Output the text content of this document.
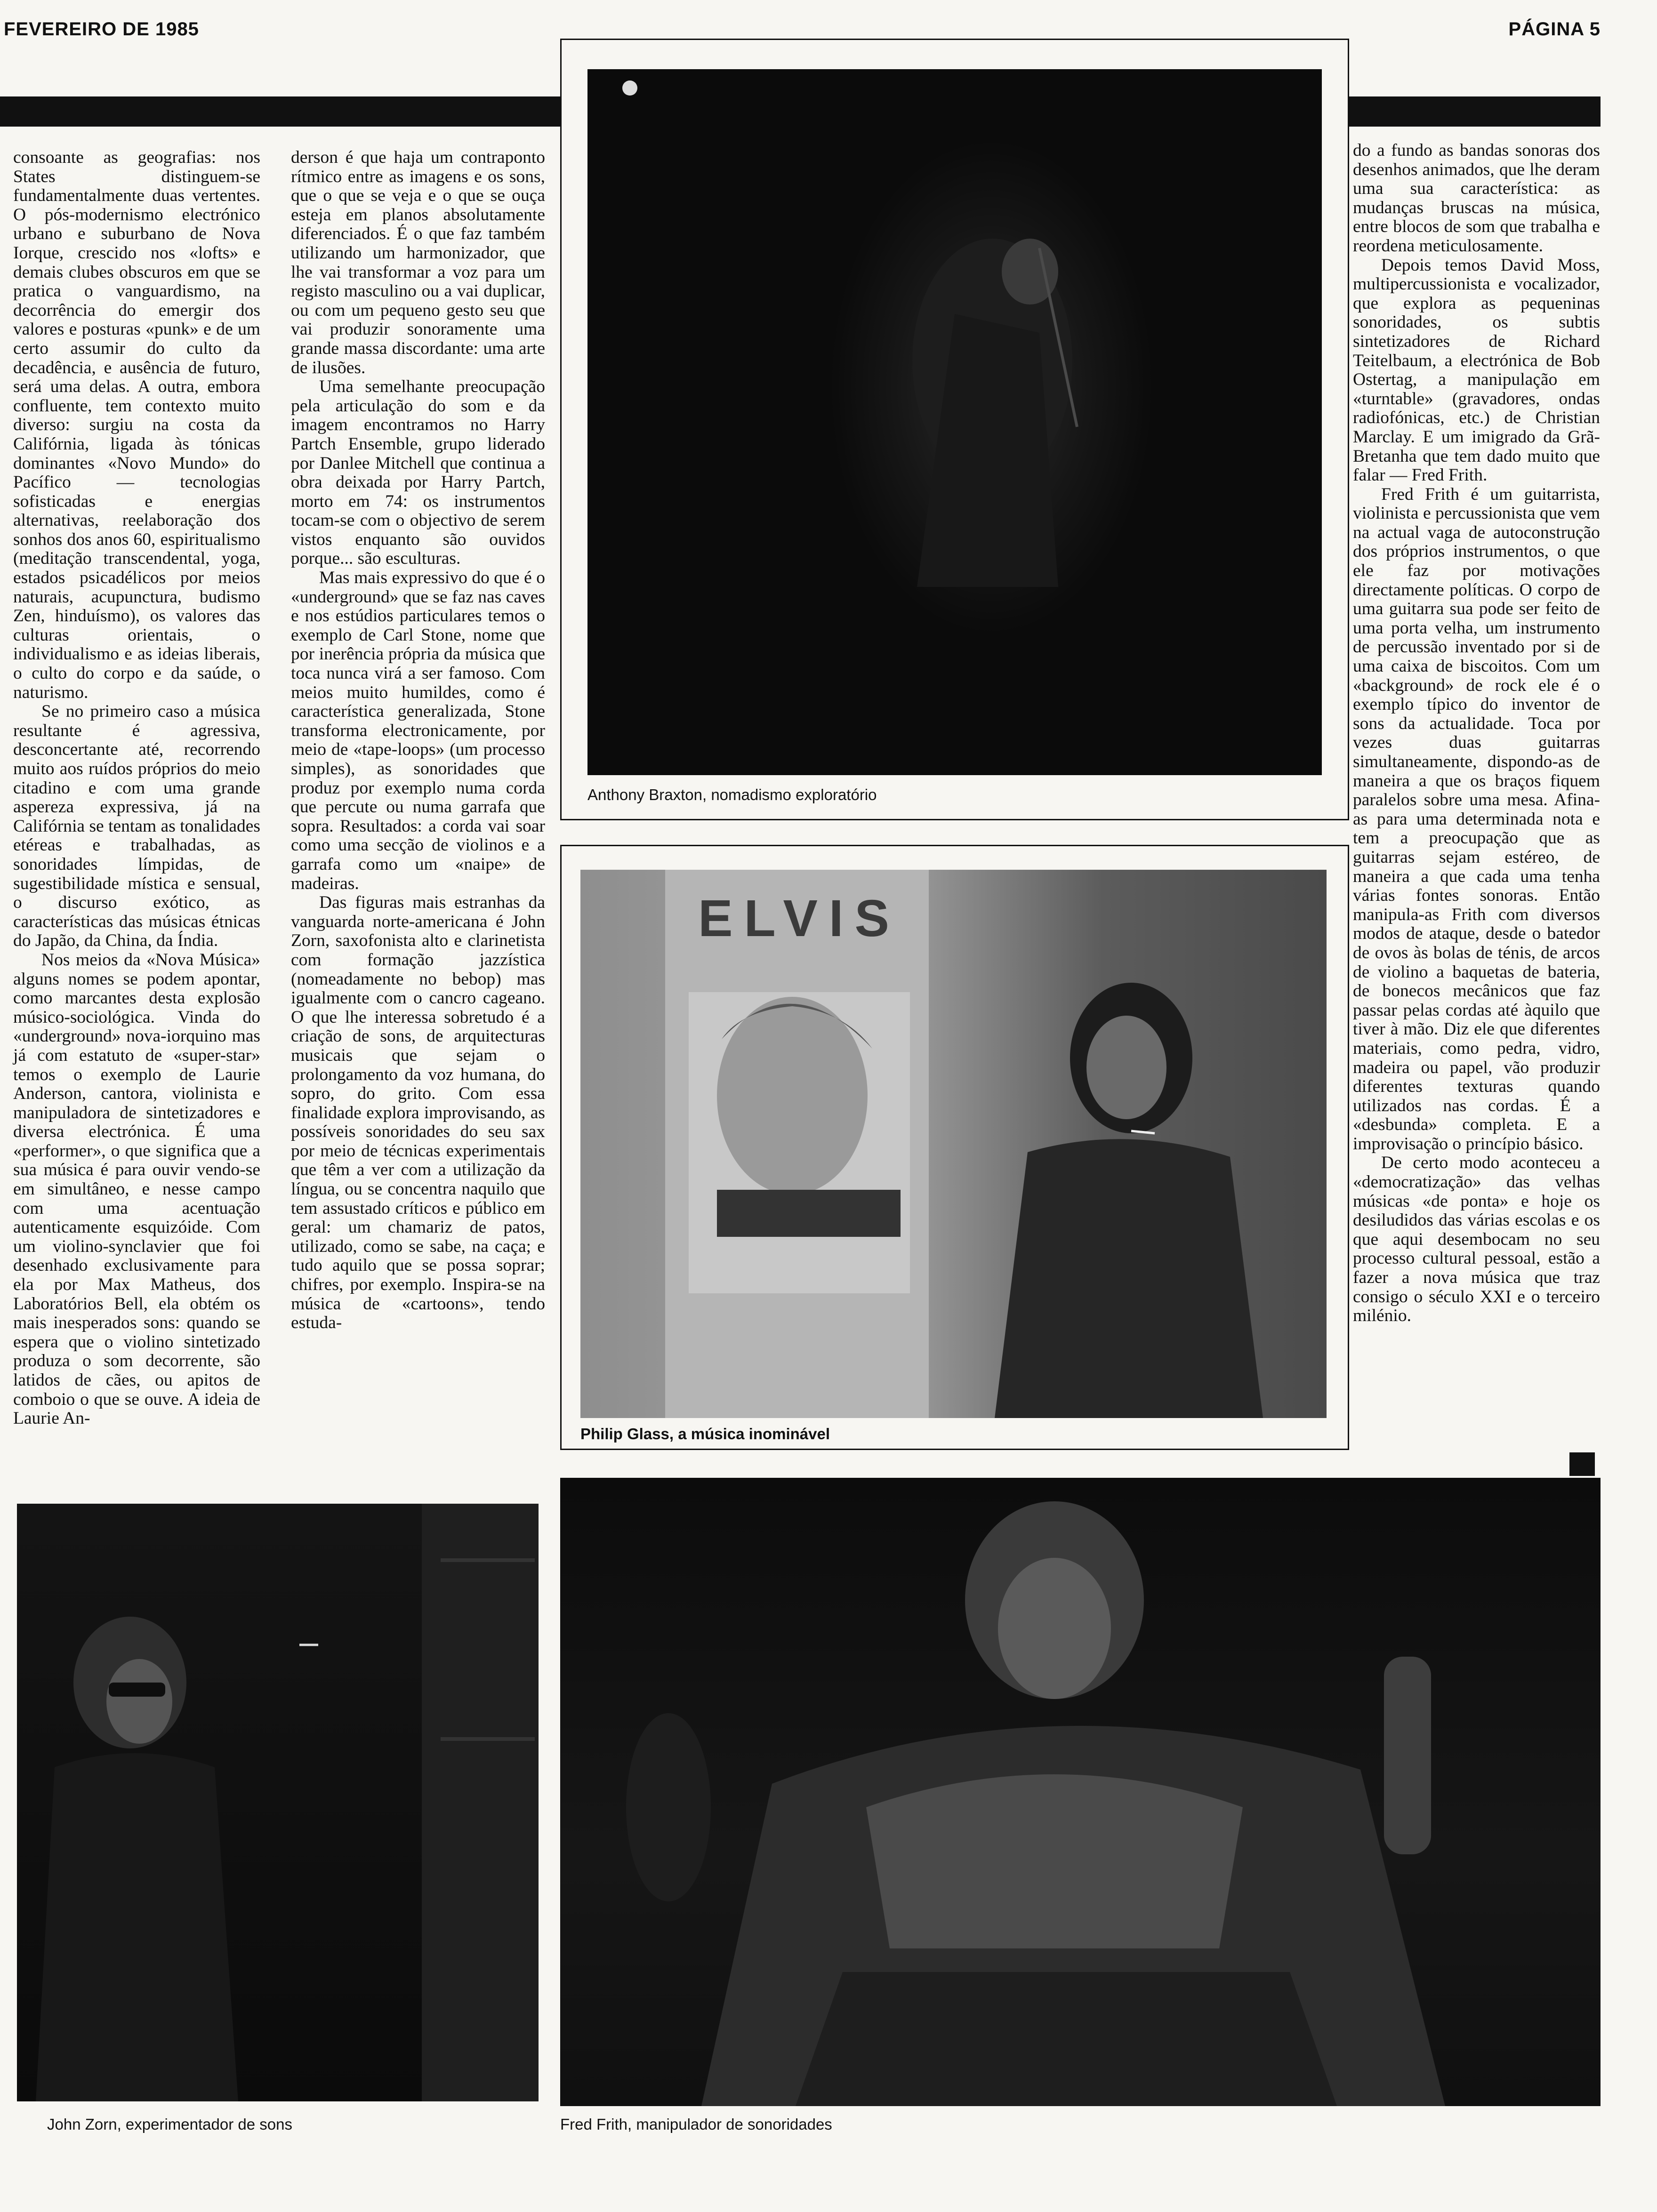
FEVEREIRO DE 1985	PÁGINA 5

consoante as geografias: nos States distinguem-se fundamentalmente duas vertentes. O pós-modernismo electrónico urbano e suburbano de Nova Iorque, crescido nos «lofts» e demais clubes obscuros em que se pratica o vanguardismo, na decorrência do emergir dos valores e posturas «punk» e de um certo assumir do culto da decadência, e ausência de futuro, será uma delas. A outra, embora confluente, tem contexto muito diverso: surgiu na costa da Califórnia, ligada às tónicas dominantes «Novo Mundo» do Pacífico — tecnologias sofisticadas e energias alternativas, reelaboração dos sonhos dos anos 60, espiritualismo (meditação transcendental, yoga, estados psicadélicos por meios naturais, acupunctura, budismo Zen, hinduísmo), os valores das culturas orientais, o individualismo e as ideias liberais, o culto do corpo e da saúde, o naturismo.

Se no primeiro caso a música resultante é agressiva, desconcertante até, recorrendo muito aos ruídos próprios do meio citadino e com uma grande aspereza expressiva, já na Califórnia se tentam as tonalidades etéreas e trabalhadas, as sonoridades límpidas, de sugestibilidade mística e sensual, o discurso exótico, as características das músicas étnicas do Japão, da China, da Índia.

Nos meios da «Nova Música» alguns nomes se podem apontar, como marcantes desta explosão músico-sociológica. Vinda do «underground» nova-iorquino mas já com estatuto de «super-star» temos o exemplo de Laurie Anderson, cantora, violinista e manipuladora de sintetizadores e diversa electrónica. É uma «performer», o que significa que a sua música é para ouvir vendo-se em simultâneo, e nesse campo com uma acentuação autenticamente esquizóide. Com um violino-synclavier que foi desenhado exclusivamente para ela por Max Matheus, dos Laboratórios Bell, ela obtém os mais inesperados sons: quando se espera que o violino sintetizado produza o som decorrente, são latidos de cães, ou apitos de comboio o que se ouve. A ideia de Laurie An-

derson é que haja um contraponto rítmico entre as imagens e os sons, que o que se veja e o que se ouça esteja em planos absolutamente diferenciados. É o que faz também utilizando um harmonizador, que lhe vai transformar a voz para um registo masculino ou a vai duplicar, ou com um pequeno gesto seu que vai produzir sonoramente uma grande massa discordante: uma arte de ilusões.

Uma semelhante preocupação pela articulação do som e da imagem encontramos no Harry Partch Ensemble, grupo liderado por Danlee Mitchell que continua a obra deixada por Harry Partch, morto em 74: os instrumentos tocam-se com o objectivo de serem vistos enquanto são ouvidos porque... são esculturas.

Mas mais expressivo do que é o «underground» que se faz nas caves e nos estúdios particulares temos o exemplo de Carl Stone, nome que por inerência própria da música que toca nunca virá a ser famoso. Com meios muito humildes, como é característica generalizada, Stone transforma electronicamente, por meio de «tape-loops» (um processo simples), as sonoridades que produz por exemplo numa corda que percute ou numa garrafa que sopra. Resultados: a corda vai soar como uma secção de violinos e a garrafa como um «naipe» de madeiras.

Das figuras mais estranhas da vanguarda norte-americana é John Zorn, saxofonista alto e clarinetista com formação jazzística (nomeadamente no bebop) mas igualmente com o cancro cageano. O que lhe interessa sobretudo é a criação de sons, de arquitecturas musicais que sejam o prolongamento da voz humana, do sopro, do grito. Com essa finalidade explora improvisando, as possíveis sonoridades do seu sax por meio de técnicas experimentais que têm a ver com a utilização da língua, ou se concentra naquilo que tem assustado críticos e público em geral: um chamariz de patos, utilizado, como se sabe, na caça; e tudo aquilo que se possa soprar; chifres, por exemplo. Inspira-se na música de «cartoons», tendo estuda-

do a fundo as bandas sonoras dos desenhos animados, que lhe deram uma sua característica: as mudanças bruscas na música, entre blocos de som que trabalha e reordena meticulosamente.

Depois temos David Moss, multipercussionista e vocalizador, que explora as pequeninas sonoridades, os subtis sintetizadores de Richard Teitelbaum, a electrónica de Bob Ostertag, a manipulação em «turntable» (gravadores, ondas radiofónicas, etc.) de Christian Marclay. E um imigrado da Grã-Bretanha que tem dado muito que falar — Fred Frith.

Fred Frith é um guitarrista, violinista e percussionista que vem na actual vaga de autoconstrução dos próprios instrumentos, o que ele faz por motivações directamente políticas. O corpo de uma guitarra sua pode ser feito de uma porta velha, um instrumento de percussão inventado por si de uma caixa de biscoitos. Com um «background» de rock ele é o exemplo típico do inventor de sons da actualidade. Toca por vezes duas guitarras simultaneamente, dispondo-as de maneira a que os braços fiquem paralelos sobre uma mesa. Afina-as para uma determinada nota e tem a preocupação que as guitarras sejam estéreo, de maneira a que cada uma tenha várias fontes sonoras. Então manipula-as Frith com diversos modos de ataque, desde o batedor de ovos às bolas de ténis, de arcos de violino a baquetas de bateria, de bonecos mecânicos que faz passar pelas cordas até àquilo que tiver à mão. Diz ele que diferentes materiais, como pedra, vidro, madeira ou papel, vão produzir diferentes texturas quando utilizados nas cordas. É a «desbunda» completa. E a improvisação o princípio básico.

De certo modo aconteceu a «democratização» das velhas músicas «de ponta» e hoje os desiludidos das várias escolas e os que aqui desembocam no seu processo cultural pessoal, estão a fazer a nova música que traz consigo o século XXI e o terceiro milénio.

Anthony Braxton, nomadismo exploratório
ELVIS
Philip Glass, a música inominável
John Zorn, experimentador de sons	Fred Frith, manipulador de sonoridades
